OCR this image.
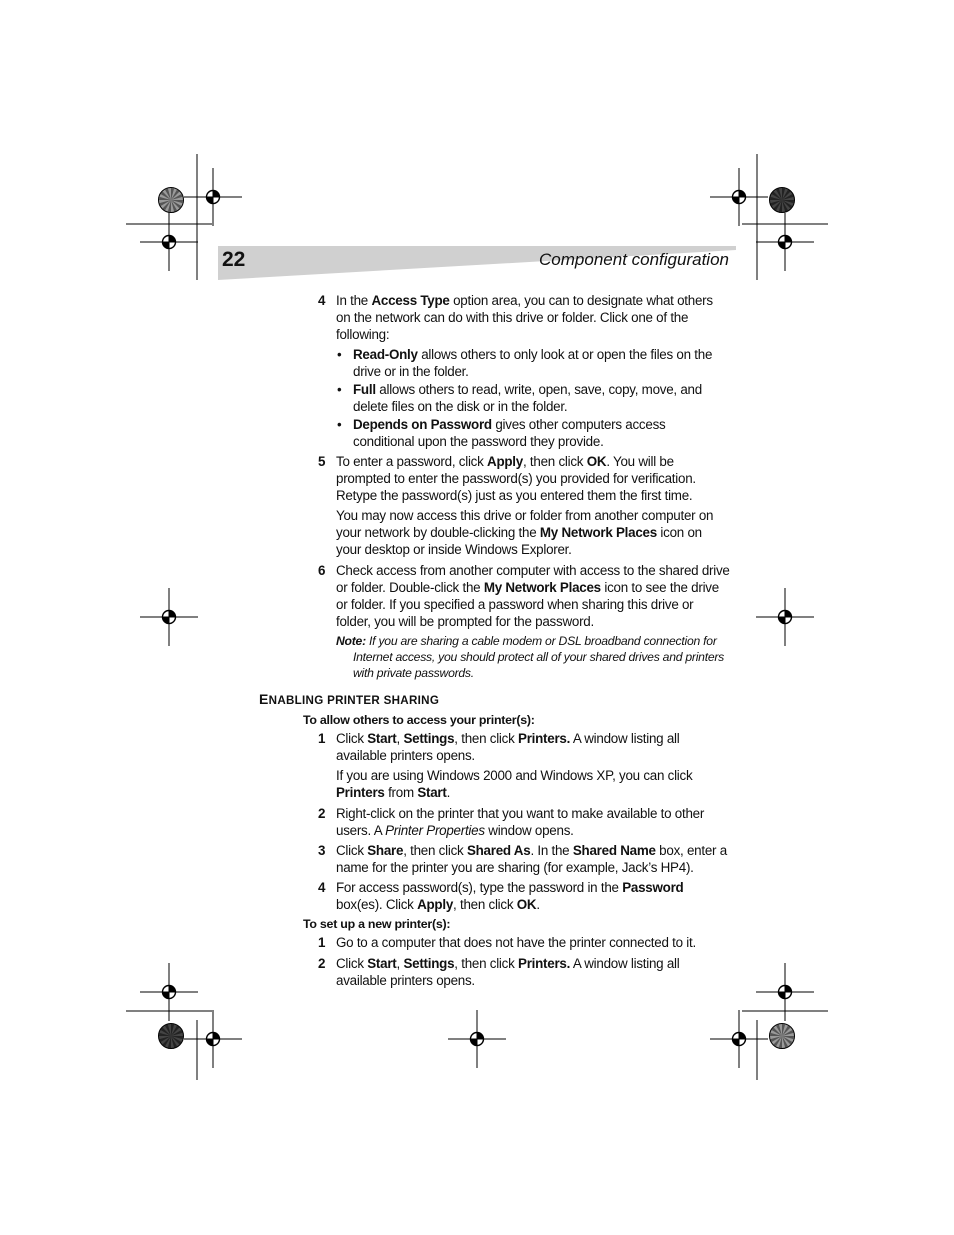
22	Component configuration
4 In the Access Type option area, you can to designate what others on the network can do with this drive or folder. Click one of the following:
• Read-Only allows others to only look at or open the files on the drive or in the folder.
• Full allows others to read, write, open, save, copy, move, and delete files on the disk or in the folder.
• Depends on Password gives other computers access conditional upon the password they provide.
5 To enter a password, click Apply, then click OK. You will be prompted to enter the password(s) you provided for verification. Retype the password(s) just as you entered them the first time.
You may now access this drive or folder from another computer on your network by double-clicking the My Network Places icon on your desktop or inside Windows Explorer.
6 Check access from another computer with access to the shared drive or folder. Double-click the My Network Places icon to see the drive or folder. If you specified a password when sharing this drive or folder, you will be prompted for the password.
Note: If you are sharing a cable modem or DSL broadband connection for
Internet access, you should protect all of your shared drives and printers with private passwords.
ENABLING PRINTER SHARING
To allow others to access your printer(s):
1 Click Start, Settings, then click Printers. A window listing all available printers opens.
If you are using Windows 2000 and Windows XP, you can click Printers from Start.
2 Right-click on the printer that you want to make available to other users. A Printer Properties window opens.
3 Click Share, then click Shared As. In the Shared Name box, enter a name for the printer you are sharing (for example, Jack’s HP4).
4 For access password(s), type the password in the Password box(es). Click Apply, then click OK.
To set up a new printer(s):
1 Go to a computer that does not have the printer connected to it.
2 Click Start, Settings, then click Printers. A window listing all available printers opens.
